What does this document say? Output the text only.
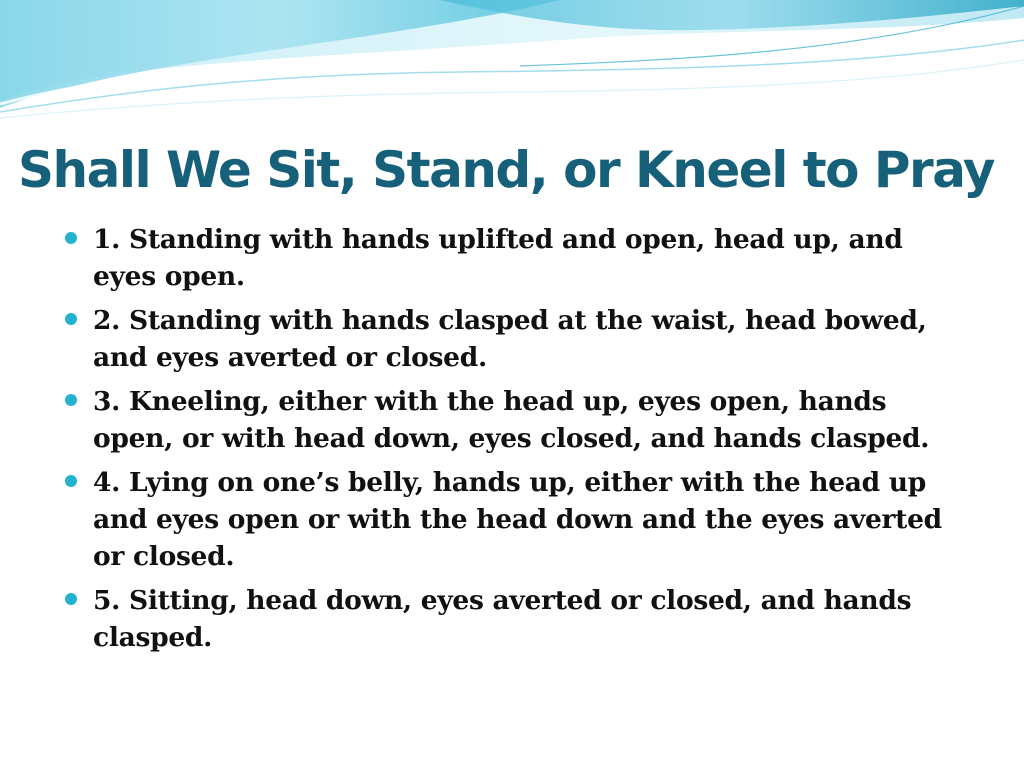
Shall We Sit, Stand, or Kneel to Pray
1. Standing with hands uplifted and open, head up, and eyes open.
2. Standing with hands clasped at the waist, head bowed, and eyes averted or closed.
3. Kneeling, either with the head up, eyes open, hands open, or with head down, eyes closed, and hands clasped.
4. Lying on one’s belly, hands up, either with the head up and eyes open or with the head down and the eyes averted or closed.
5. Sitting, head down, eyes averted or closed, and hands clasped.
